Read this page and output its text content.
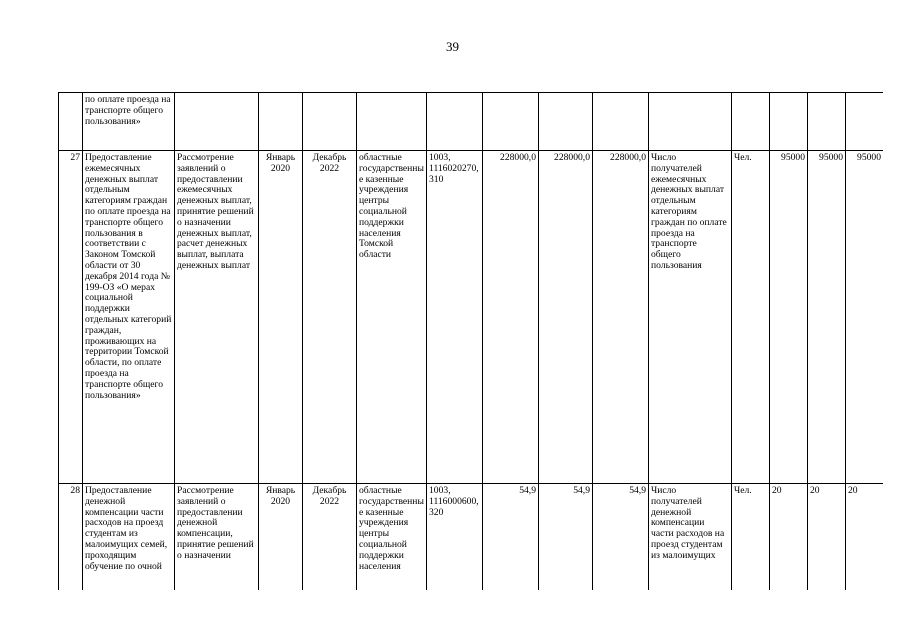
39
	по оплате проезда на транспорте общего пользования»													
27	Предоставление ежемесячных денежных выплат отдельным категориям граждан по оплате проезда на транспорте общего пользования в соответствии с Законом Томской области от 30 декабря 2014 года № 199-ОЗ «О мерах социальной поддержки отдельных категорий граждан, проживающих на территории Томской области, по оплате проезда на транспорте общего пользования»	Рассмотрение заявлений о предоставлении ежемесячных денежных выплат, принятие решений о назначении денежных выплат, расчет денежных выплат, выплата денежных выплат	Январь 2020	Декабрь 2022	областные государственные казенные учреждения центры социальной поддержки населения Томской области	1003, 1116020270, 310	228000,0	228000,0	228000,0	Число получателей ежемесячных денежных выплат отдельным категориям граждан по оплате проезда на транспорте общего пользования	Чел.	95000	95000	95000
28	Предоставление денежной компенсации части расходов на проезд студентам из малоимущих семей, проходящим обучение по очной	Рассмотрение заявлений о предоставлении денежной компенсации, принятие решений о назначении	Январь 2020	Декабрь 2022	областные государственные казенные учреждения центры социальной поддержки населения	1003, 1116000600, 320	54,9	54,9	54,9	Число получателей денежной компенсации части расходов на проезд студентам из малоимущих	Чел.	20	20	20
